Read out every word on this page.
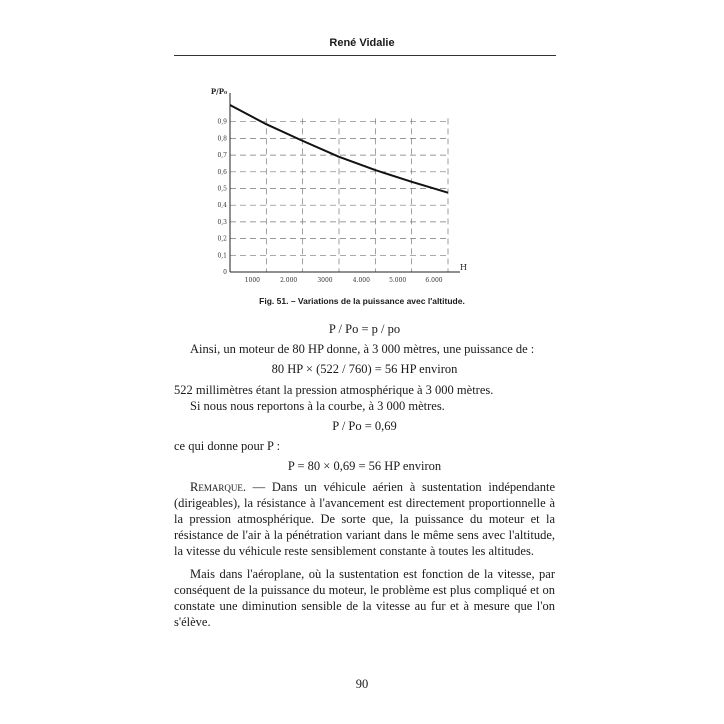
René Vidalie
0
0,1
0,2
0,3
0,4
0,5
0,6
0,7
0,8
0,9
1000	2.000	3000	4.000	5.000	6.000
P/P₀
H
Fig. 51. – Variations de la puissance avec l'altitude.

P / Po = p / po

Ainsi, un moteur de 80 HP donne, à 3 000 mètres, une puissance de :

80 HP × (522 / 760) = 56 HP environ

522 millimètres étant la pression atmosphérique à 3 000 mètres.

Si nous nous reportons à la courbe, à 3 000 mètres.

P / Po = 0,69

ce qui donne pour P :

P = 80 × 0,69 = 56 HP environ

Remarque. — Dans un véhicule aérien à sustentation indépendante (dirigeables), la résistance à l'avancement est directement proportionnelle à la pression atmosphérique. De sorte que, la puissance du moteur et la résistance de l'air à la pénétration variant dans le même sens avec l'altitude, la vitesse du véhicule reste sensiblement constante à toutes les altitudes.

Mais dans l'aéroplane, où la sustentation est fonction de la vitesse, par conséquent de la puissance du moteur, le problème est plus compliqué et on constate une diminution sensible de la vitesse au fur et à mesure que l'on s'élève.

90
